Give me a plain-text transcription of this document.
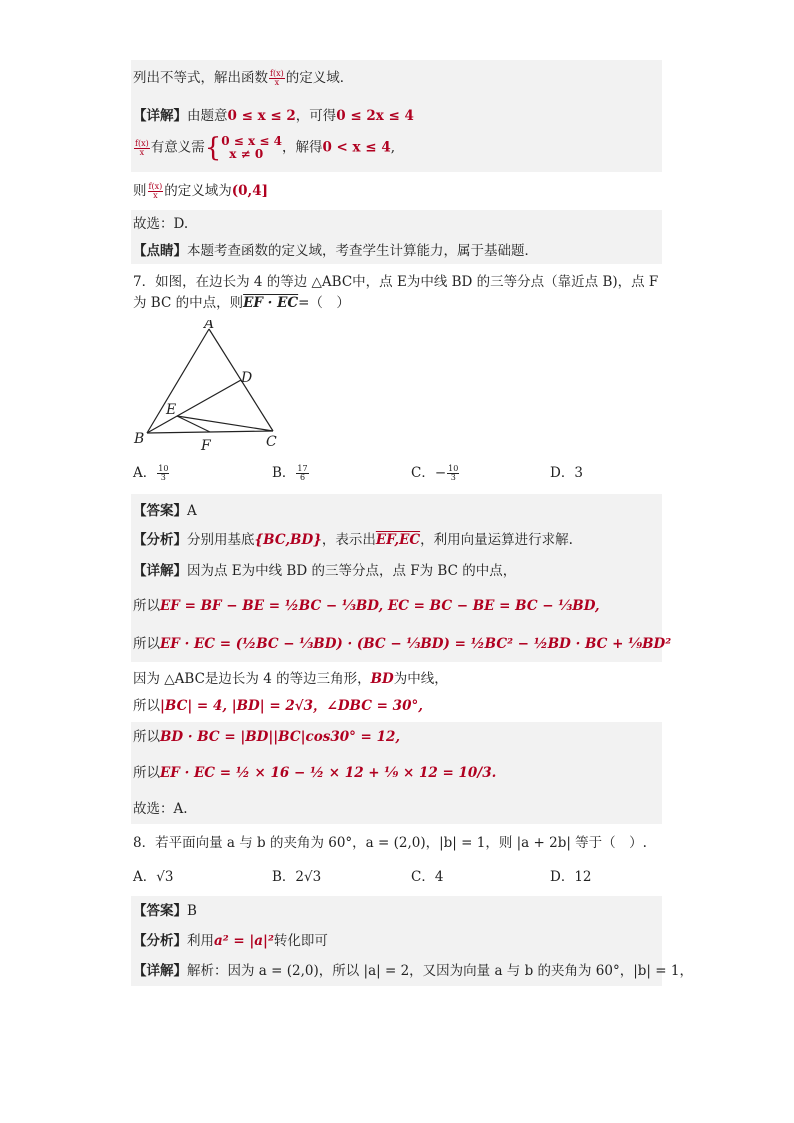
列出不等式，解出函数 $\frac{f(x)}{x}$ 的定义域．
【详解】由题意0 ≤ x ≤ 2，可得0 ≤ 2x ≤ 4
$\frac{f(x)}{x}$ 有意义需{ 0 ≤ x ≤ 4
x ≠ 0	，解得0 < x ≤ 4,
则 $\frac{f(x)}{x}$ 的定义域为(0,4]
故选：D.
【点睛】本题考查函数的定义域，考查学生计算能力，属于基础题．
7．如图，在边长为 4 的等边 △ABC中，点 E为中线 BD 的三等分点（靠近点 B)，点 F
为 BC 的中点，则EF · EC=（　）
A
B	C
D
E
F
A． $\frac{10}{3}$	B． $\frac{17}{6}$	C．− $\frac{10}{3}$	D．3
【答案】A
【分析】分别用基底{BC,BD}，表示出EF,EC，利用向量运算进行求解.
【详解】因为点 E为中线 BD 的三等分点，点 F为 BC 的中点，
所以EF = BF − BE = ½BC − ⅓BD, EC = BC − BE = BC − ⅓BD,
所以EF · EC = (½BC − ⅓BD) · (BC − ⅓BD) = ½BC² − ½BD · BC + ⅑BD²
因为 △ABC是边长为 4 的等边三角形，BD为中线，
所以|BC| = 4, |BD| = 2√3，∠DBC = 30°,
所以BD · BC = |BD||BC|cos30° = 12,
所以EF · EC = ½ × 16 − ½ × 12 + ⅑ × 12 = 10/3.
故选：A.
8．若平面向量 a 与 b 的夹角为 60°，a = (2,0)，|b| = 1，则 |a + 2b| 等于（　）.
A．√3	B．2√3	C．4	D．12
【答案】B
【分析】利用a² = |a|²转化即可
【详解】解析：因为 a = (2,0)，所以 |a| = 2，又因为向量 a 与 b 的夹角为 60°，|b| = 1，
